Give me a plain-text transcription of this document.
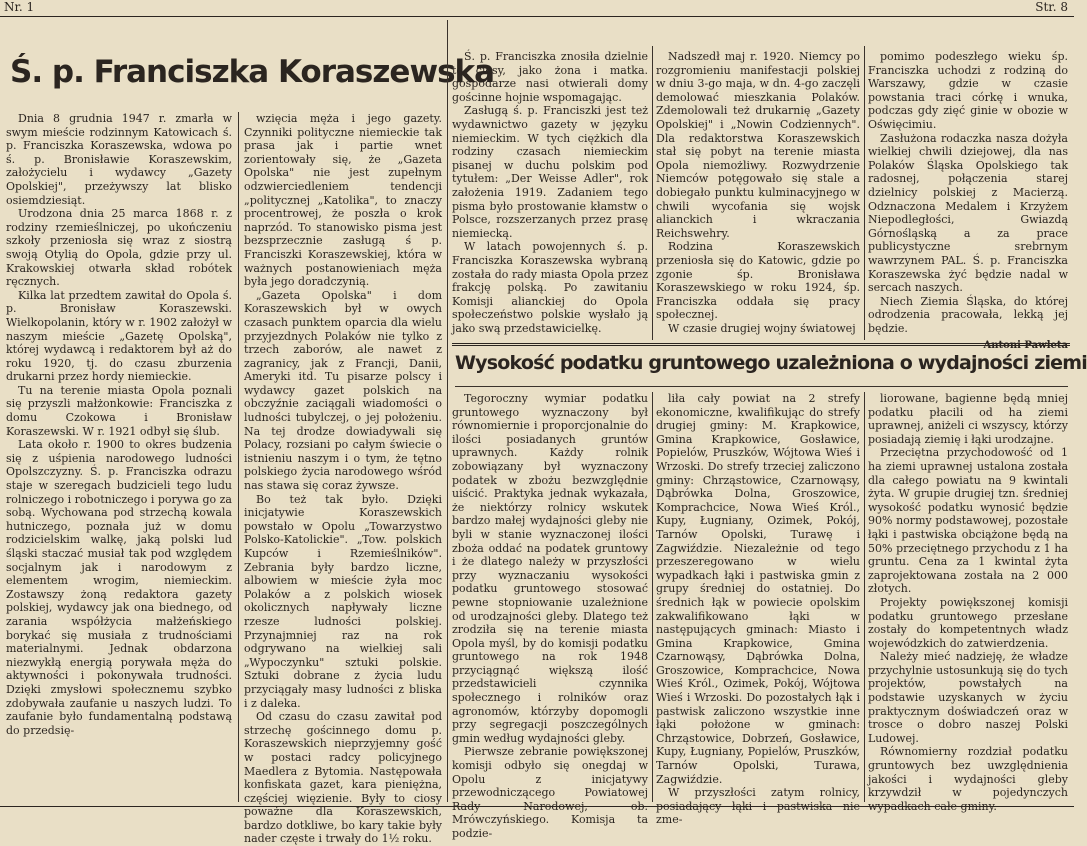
Nr. 1	Str. 8
Ś. p. Franciszka Koraszewska

Dnia 8 grudnia 1947 r. zmarła w swym mieście rodzinnym Katowicach ś. p. Franciszka Koraszewska, wdowa po ś. p. Bronisławie Koraszewskim, założycielu i wydawcy „Gazety Opolskiej", przeżywszy lat blisko osiemdziesiąt.

Urodzona dnia 25 marca 1868 r. z rodziny rzemieślniczej, po ukończeniu szkoły przeniosła się wraz z siostrą swoją Otylią do Opola, gdzie przy ul. Krakowskiej otwarła skład robótek ręcznych.

Kilka lat przedtem zawitał do Opola ś. p. Bronisław Koraszewski. Wielkopolanin, który w r. 1902 założył w naszym mieście „Gazetę Opolską", której wydawcą i redaktorem był aż do roku 1920, tj. do czasu zburzenia drukarni przez hordy niemieckie.

Tu na terenie miasta Opola poznali się przyszli małżonkowie: Franciszka z domu Czokowa i Bronisław Koraszewski. W r. 1921 odbył się ślub.

Lata około r. 1900 to okres budzenia się z uśpienia narodowego ludności Opolszczyzny. Ś. p. Franciszka odrazu staje w szeregach budzicieli tego ludu rolniczego i robotniczego i porywa go za sobą. Wychowana pod strzechą kowala hutniczego, poznała już w domu rodzicielskim walkę, jaką polski lud śląski staczać musiał tak pod względem socjalnym jak i narodowym z elementem wrogim, niemieckim. Zostawszy żoną redaktora gazety polskiej, wydawcy jak ona biednego, od zarania współżycia małżeńskiego borykać się musiała z trudnościami materialnymi. Jednak obdarzona niezwykłą energią porywała męża do aktywności i pokonywała trudności. Dzięki zmysłowi społecznemu szybko zdobywała zaufanie u naszych ludzi. To zaufanie było fundamentalną podstawą do przedsię-

wzięcia męża i jego gazety. Czynniki polityczne niemieckie tak prasa jak i partie wnet zorientowały się, że „Gazeta Opolska" nie jest zupełnym odzwierciedleniem tendencji „politycznej „Katolika", to znaczy procentrowej, że poszła o krok naprzód. To stanowisko pisma jest bezsprzecznie zasługą ś p. Franciszki Koraszewskiej, która w ważnych postanowieniach męża była jego doradczynią.

„Gazeta Opolska" i dom Koraszewskich był w owych czasach punktem oparcia dla wielu przyjezdnych Polaków nie tylko z trzech zaborów, ale nawet z zagranicy, jak z Francji, Danii, Ameryki itd. Tu pisarze polscy i wydawcy gazet polskich na obczyźnie zaciągali wiadomości o ludności tubylczej, o jej położeniu. Na tej drodze dowiadywali się Polacy, rozsiani po całym świecie o istnieniu naszym i o tym, że tętno polskiego życia narodowego wśród nas stawa się coraz żywsze.

Bo też tak było. Dzięki inicjatywie Koraszewskich powstało w Opolu „Towarzystwo Polsko-Katolickie". „Tow. polskich Kupców i Rzemieślników". Zebrania były bardzo liczne, albowiem w mieście żyła moc Polaków a z polskich wiosek okolicznych napływały liczne rzesze ludności polskiej. Przynajmniej raz na rok odgrywano na wielkiej sali „Wypoczynku" sztuki polskie. Sztuki dobrane z życia ludu przyciągały masy ludności z bliska i z daleka.

Od czasu do czasu zawitał pod strzechę gościnnego domu p. Koraszewskich nieprzyjemny gość w postaci radcy policyjnego Maedlera z Bytomia. Następowała konfiskata gazet, kara pieniężna, częściej więzienie. Były to ciosy poważne dla Koraszewskich, bardzo dotkliwe, bo kary takie były nader częste i trwały do 1½ roku.

Ś. p. Franciszka znosiła dzielnie te ciosy, jako żona i matka. gospodarze nasi otwierali domy gościnne hojnie wspomagając.

Zasługą ś. p. Franciszki jest też wydawnictwo gazety w języku niemieckim. W tych ciężkich dla rodziny czasach niemieckim pisanej w duchu polskim pod tytułem: „Der Weisse Adler", rok założenia 1919. Zadaniem tego pisma było prostowanie kłamstw o Polsce, rozszerzanych przez prasę niemiecką.

W latach powojennych ś. p. Franciszka Koraszewska wybraną została do rady miasta Opola przez frakcję polską. Po zawitaniu Komisji alianckiej do Opola społeczeństwo polskie wysłało ją jako swą przedstawicielkę.

Nadszedł maj r. 1920. Niemcy po rozgromieniu manifestacji polskiej w dniu 3-go maja, w dn. 4-go zaczęli demolować mieszkania Polaków. Zdemolowali też drukarnię „Gazety Opolskiej" i „Nowin Codziennych". Dla redaktorstwa Koraszewskich stał się pobyt na terenie miasta Opola niemożliwy. Rozwydrzenie Niemców potęgowało się stale a dobiegało punktu kulminacyjnego w chwili wycofania się wojsk alianckich i wkraczania Reichswehry.

Rodzina Koraszewskich przeniosła się do Katowic, gdzie po zgonie śp. Bronisława Koraszewskiego w roku 1924, śp. Franciszka oddała się pracy społecznej.

W czasie drugiej wojny światowej

pomimo podeszłego wieku śp. Franciszka uchodzi z rodziną do Warszawy, gdzie w czasie powstania traci córkę i wnuka, podczas gdy zięć ginie w obozie w Oświęcimiu.

Zasłużona rodaczka nasza dożyła wielkiej chwili dziejowej, dla nas Polaków Śląska Opolskiego tak radosnej, połączenia starej dzielnicy polskiej z Macierzą. Odznaczona Medalem i Krzyżem Niepodległości, Gwiazdą Górnośląską a za prace publicystyczne srebrnym wawrzynem PAL. Ś. p. Franciszka Koraszewska żyć będzie nadal w sercach naszych.

Niech Ziemia Śląska, do której odrodzenia pracowała, lekką jej będzie.

Antoni Pawleta
Wysokość podatku gruntowego uzależniona o wydajności ziemi

Tegoroczny wymiar podatku gruntowego wyznaczony był równomiernie i proporcjonalnie do ilości posiadanych gruntów uprawnych. Każdy rolnik zobowiązany był wyznaczony podatek w zbożu bezwzględnie uiścić. Praktyka jednak wykazała, że niektórzy rolnicy wskutek bardzo małej wydajności gleby nie byli w stanie wyznaczonej ilości zboża oddać na podatek gruntowy i że dlatego należy w przyszłości przy wyznaczaniu wysokości podatku gruntowego stosować pewne stopniowanie uzależnione od urodzajności gleby. Dlatego też zrodziła się na terenie miasta Opola myśl, by do komisji podatku gruntowego na rok 1948 przyciągnąć większą ilość przedstawicieli czynnika społecznego i rolników oraz agronomów, którzyby dopomogli przy segregacji poszczególnych gmin według wydajności gleby.

Pierwsze zebranie powiększonej komisji odbyło się onegdaj w Opolu z inicjatywy przewodniczącego Powiatowej Rady Narodowej, ob. Mrówczyńskiego. Komisja ta podzie-

liła cały powiat na 2 strefy ekonomiczne, kwalifikując do strefy drugiej gminy: M. Krapkowice, Gmina Krapkowice, Gosławice, Popielów, Pruszków, Wójtowa Wieś i Wrzoski. Do strefy trzeciej zaliczono gminy: Chrząstowice, Czarnowąsy, Dąbrówka Dolna, Groszowice, Komprachcice, Nowa Wieś Król., Kupy, Ługniany, Ozimek, Pokój, Tarnów Opolski, Turawę i Zagwiździe. Niezależnie od tego przeszeregowano w wielu wypadkach łąki i pastwiska gmin z grupy średniej do ostatniej. Do średnich łąk w powiecie opolskim zakwalifikowano łąki w następujących gminach: Miasto i Gmina Krapkowice, Gmina Czarnowąsy, Dąbrówka Dolna, Groszowice, Komprachcice, Nowa Wieś Król., Ozimek, Pokój, Wójtowa Wieś i Wrzoski. Do pozostałych łąk i pastwisk zaliczono wszystkie inne łąki położone w gminach: Chrząstowice, Dobrzeń, Gosławice, Kupy, Ługniany, Popielów, Pruszków, Tarnów Opolski, Turawa, Zagwiździe.

W przyszłości zatym rolnicy, posiadający łąki i pastwiska nie zme-

liorowane, bagienne będą mniej podatku płacili od ha ziemi uprawnej, aniżeli ci wszyscy, którzy posiadają ziemię i łąki urodzajne.

Przeciętna przychodowość od 1 ha ziemi uprawnej ustalona została dla całego powiatu na 9 kwintali żyta. W grupie drugiej tzn. średniej wysokość podatku wynosić będzie 90% normy podstawowej, pozostałe łąki i pastwiska obciążone będą na 50% przeciętnego przychodu z 1 ha gruntu. Cena za 1 kwintal żyta zaprojektowana została na 2 000 złotych.

Projekty powiększonej komisji podatku gruntowego przesłane zostały do kompetentnych władz wojewódzkich do zatwierdzenia.

Należy mieć nadzieję, że władze przychylnie ustosunkują się do tych projektów, powstałych na podstawie uzyskanych w życiu praktycznym doświadczeń oraz w trosce o dobro naszej Polski Ludowej.

Równomierny rozdział podatku gruntowych bez uwzględnienia jakości i wydajności gleby krzywdził w pojedynczych wypadkach całe gminy.
